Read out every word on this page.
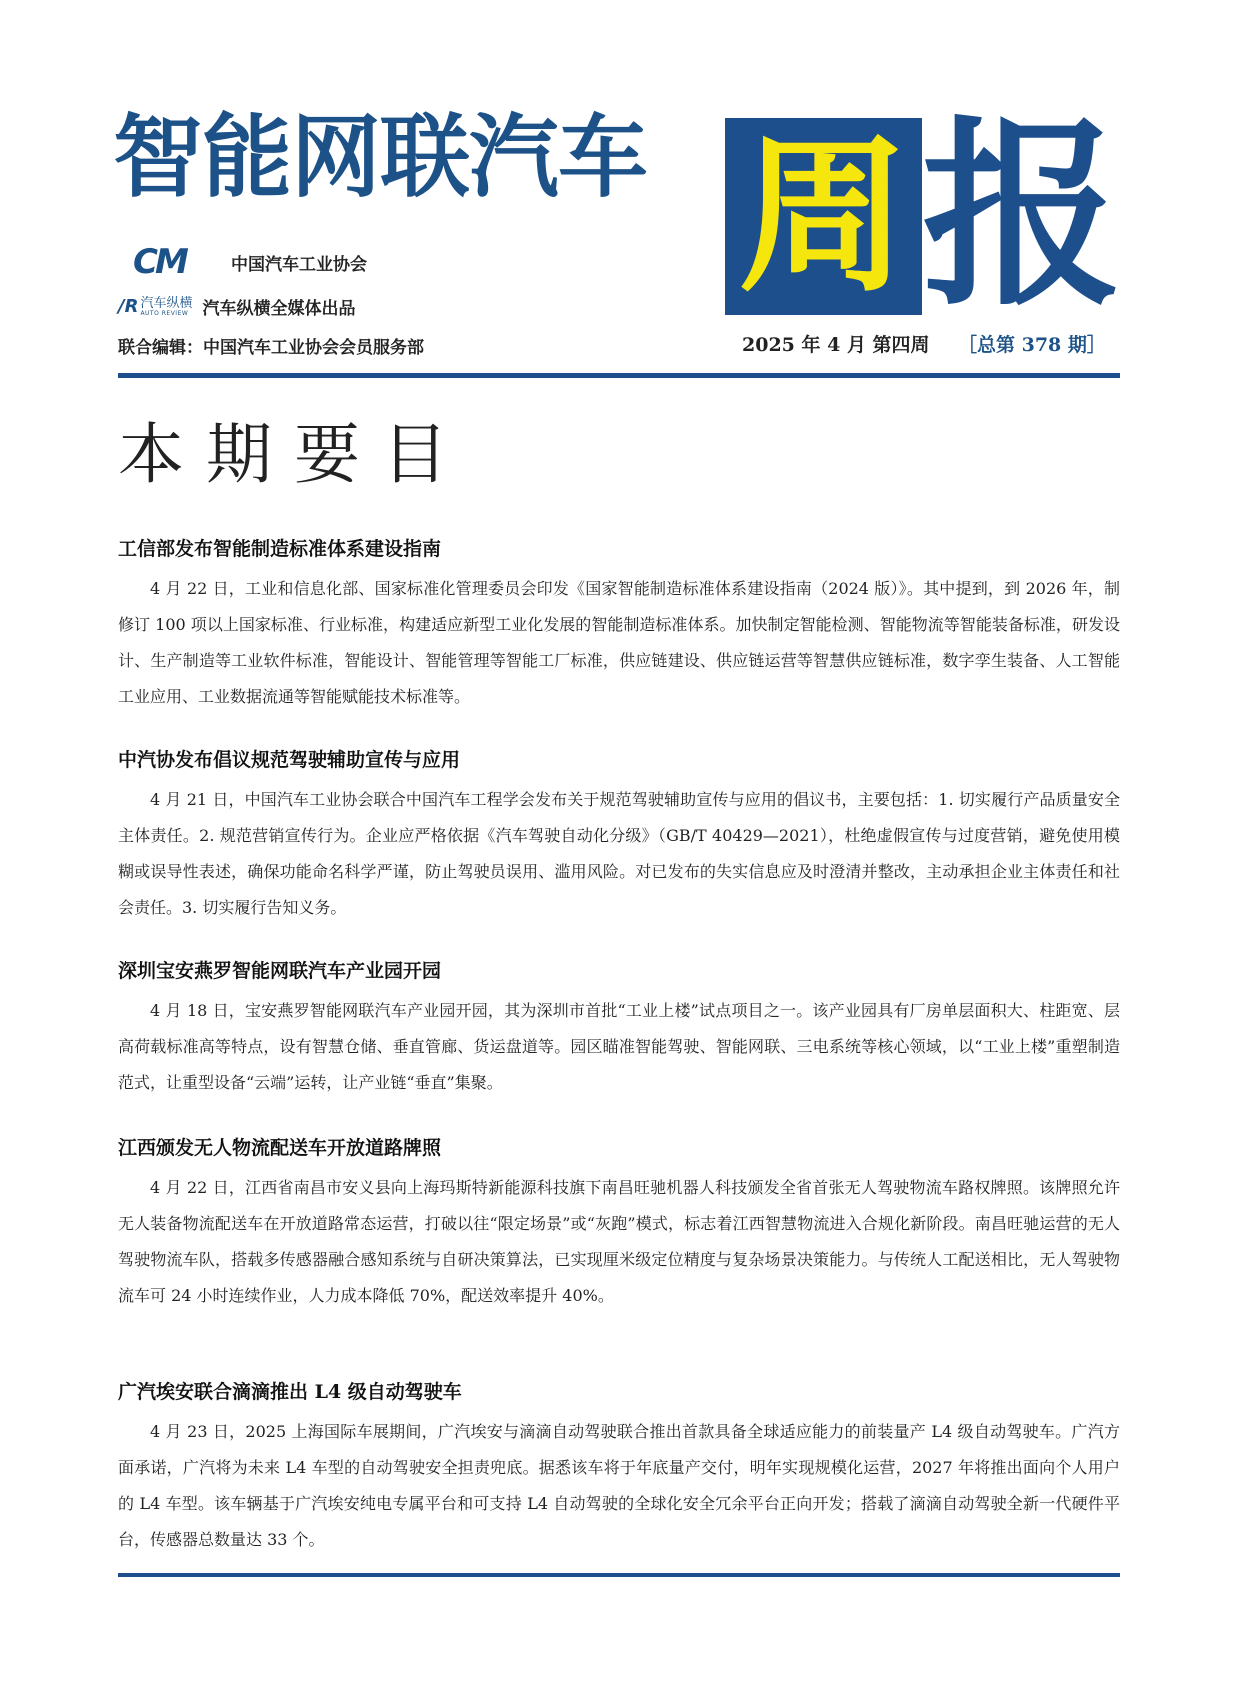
智能网联汽车 周 报
CM	中国汽车工业协会
/R 汽车纵横
AUTO REVIEW 汽车纵横全媒体出品
联合编辑：中国汽车工业协会会员服务部	2025 年 4 月 第四周 ［总第 378 期］
本期要目
工信部发布智能制造标准体系建设指南

4 月 22 日，工业和信息化部、国家标准化管理委员会印发《国家智能制造标准体系建设指南（2024 版）》。其中提到，到 2026 年，制修订 100 项以上国家标准、行业标准，构建适应新型工业化发展的智能制造标准体系。加快制定智能检测、智能物流等智能装备标准，研发设计、生产制造等工业软件标准，智能设计、智能管理等智能工厂标准，供应链建设、供应链运营等智慧供应链标准，数字孪生装备、人工智能工业应用、工业数据流通等智能赋能技术标准等。

中汽协发布倡议规范驾驶辅助宣传与应用

4 月 21 日，中国汽车工业协会联合中国汽车工程学会发布关于规范驾驶辅助宣传与应用的倡议书，主要包括：1. 切实履行产品质量安全主体责任。2. 规范营销宣传行为。企业应严格依据《汽车驾驶自动化分级》（GB/T 40429—2021），杜绝虚假宣传与过度营销，避免使用模糊或误导性表述，确保功能命名科学严谨，防止驾驶员误用、滥用风险。对已发布的失实信息应及时澄清并整改，主动承担企业主体责任和社会责任。3. 切实履行告知义务。

深圳宝安燕罗智能网联汽车产业园开园

4 月 18 日，宝安燕罗智能网联汽车产业园开园，其为深圳市首批“工业上楼”试点项目之一。该产业园具有厂房单层面积大、柱距宽、层高荷载标准高等特点，设有智慧仓储、垂直管廊、货运盘道等。园区瞄准智能驾驶、智能网联、三电系统等核心领域，以“工业上楼”重塑制造范式，让重型设备“云端”运转，让产业链“垂直”集聚。

江西颁发无人物流配送车开放道路牌照

4 月 22 日，江西省南昌市安义县向上海玛斯特新能源科技旗下南昌旺驰机器人科技颁发全省首张无人驾驶物流车路权牌照。该牌照允许无人装备物流配送车在开放道路常态运营，打破以往“限定场景”或“灰跑”模式，标志着江西智慧物流进入合规化新阶段。南昌旺驰运营的无人驾驶物流车队，搭载多传感器融合感知系统与自研决策算法，已实现厘米级定位精度与复杂场景决策能力。与传统人工配送相比，无人驾驶物流车可 24 小时连续作业，人力成本降低 70%，配送效率提升 40%。

广汽埃安联合滴滴推出 L4 级自动驾驶车

4 月 23 日，2025 上海国际车展期间，广汽埃安与滴滴自动驾驶联合推出首款具备全球适应能力的前装量产 L4 级自动驾驶车。广汽方面承诺，广汽将为未来 L4 车型的自动驾驶安全担责兜底。据悉该车将于年底量产交付，明年实现规模化运营，2027 年将推出面向个人用户的 L4 车型。该车辆基于广汽埃安纯电专属平台和可支持 L4 自动驾驶的全球化安全冗余平台正向开发；搭载了滴滴自动驾驶全新一代硬件平台，传感器总数量达 33 个。
